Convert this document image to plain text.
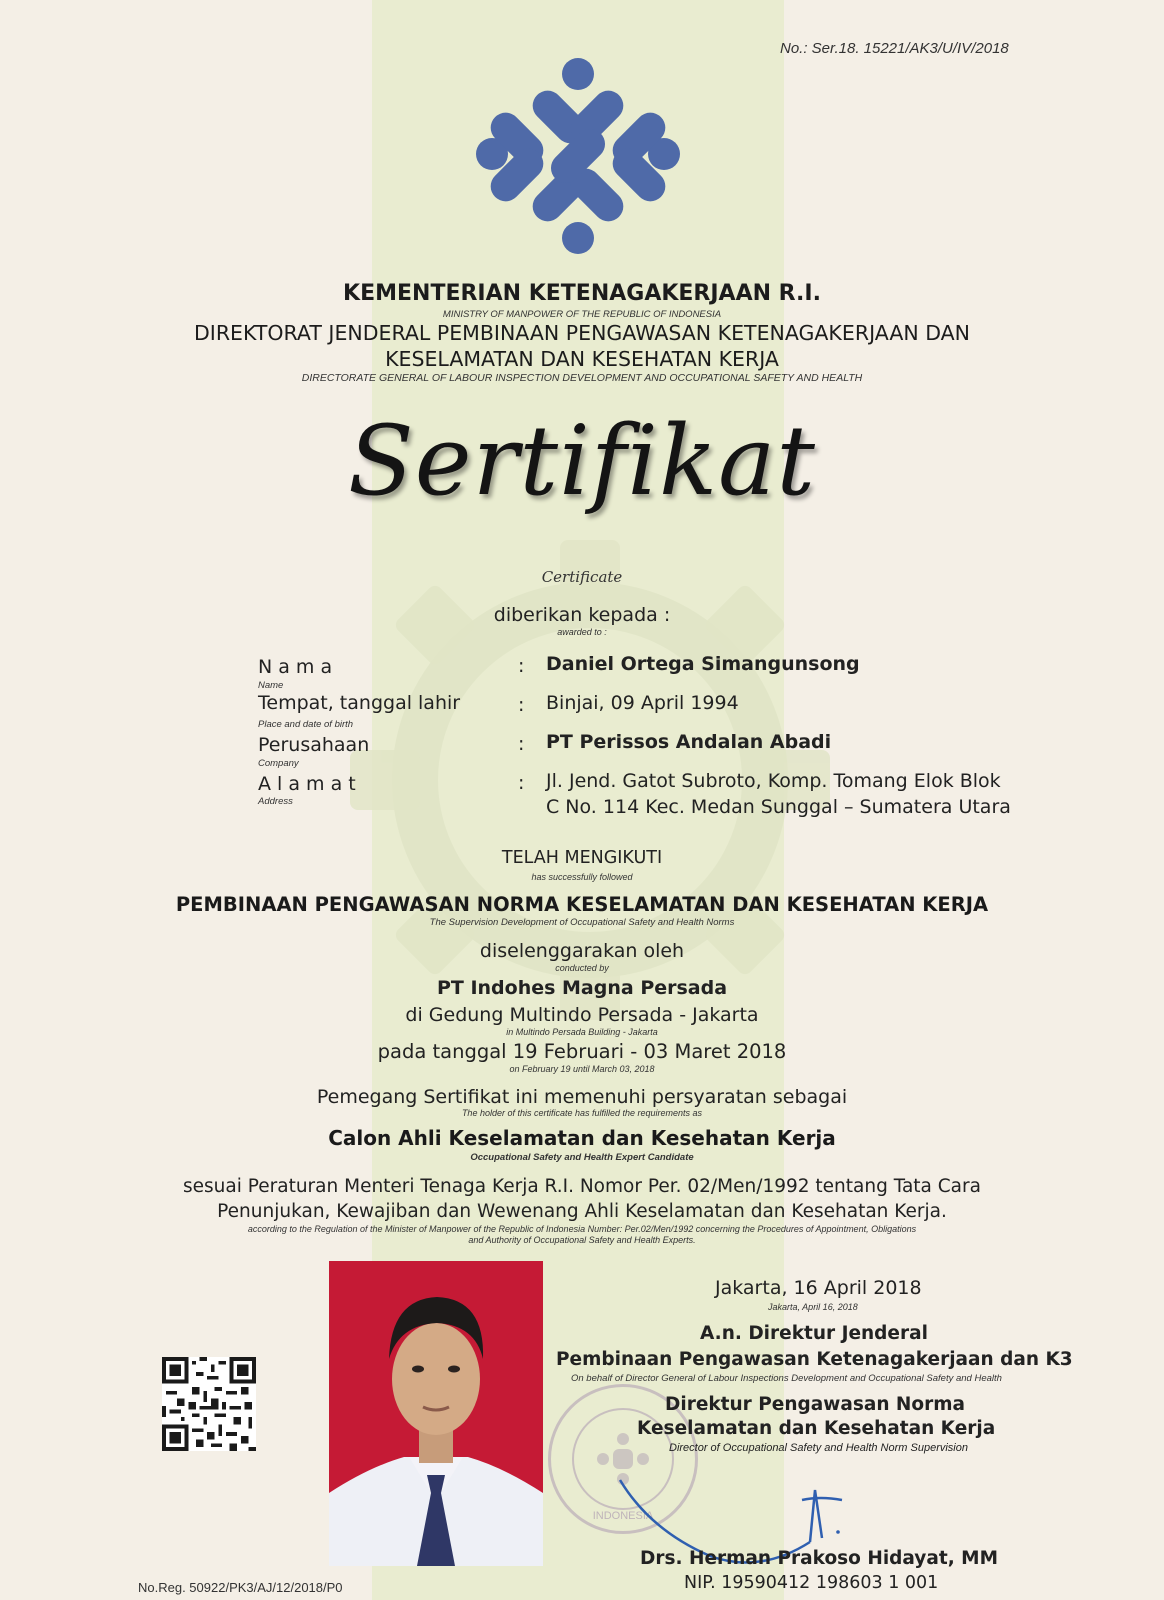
No.: Ser.18. 15221/AK3/U/IV/2018

KEMENTERIAN KETENAGAKERJAAN R.I.

MINISTRY OF MANPOWER OF THE REPUBLIC OF INDONESIA

DIREKTORAT JENDERAL PEMBINAAN PENGAWASAN KETENAGAKERJAAN DAN

KESELAMATAN DAN KESEHATAN KERJA

DIRECTORATE GENERAL OF LABOUR INSPECTION DEVELOPMENT AND OCCUPATIONAL SAFETY AND HEALTH

Sertifikat

Certificate

diberikan kepada :

awarded to :

N a m a

Name

: Daniel Ortega Simangunsong

Tempat, tanggal lahir

Place and date of birth

: Binjai, 09 April 1994

Perusahaan

Company

: PT Perissos Andalan Abadi

A l a m a t

Address

: Jl. Jend. Gatot Subroto, Komp. Tomang Elok Blok

C No. 114 Kec. Medan Sunggal – Sumatera Utara

TELAH MENGIKUTI

has successfully followed

PEMBINAAN PENGAWASAN NORMA KESELAMATAN DAN KESEHATAN KERJA

The Supervision Development of Occupational Safety and Health Norms

diselenggarakan oleh

conducted by

PT Indohes Magna Persada

di Gedung Multindo Persada - Jakarta

in Multindo Persada Building - Jakarta

pada tanggal 19 Februari - 03 Maret 2018

on February 19 until March 03, 2018

Pemegang Sertifikat ini memenuhi persyaratan sebagai

The holder of this certificate has fulfilled the requirements as

Calon Ahli Keselamatan dan Kesehatan Kerja

Occupational Safety and Health Expert Candidate

sesuai Peraturan Menteri Tenaga Kerja R.I. Nomor Per. 02/Men/1992 tentang Tata Cara

Penunjukan, Kewajiban dan Wewenang Ahli Keselamatan dan Kesehatan Kerja.

according to the Regulation of the Minister of Manpower of the Republic of Indonesia Number: Per.02/Men/1992 concerning the Procedures of Appointment, Obligations

and Authority of Occupational Safety and Health Experts.

INDONESIA

Jakarta, 16 April 2018

Jakarta, April 16, 2018

A.n. Direktur Jenderal

Pembinaan Pengawasan Ketenagakerjaan dan K3

On behalf of Director General of Labour Inspections Development and Occupational Safety and Health

Direktur Pengawasan Norma

Keselamatan dan Kesehatan Kerja

Director of Occupational Safety and Health Norm Supervision

Drs. Herman Prakoso Hidayat, MM

NIP. 19590412 198603 1 001

No.Reg. 50922/PK3/AJ/12/2018/P0
